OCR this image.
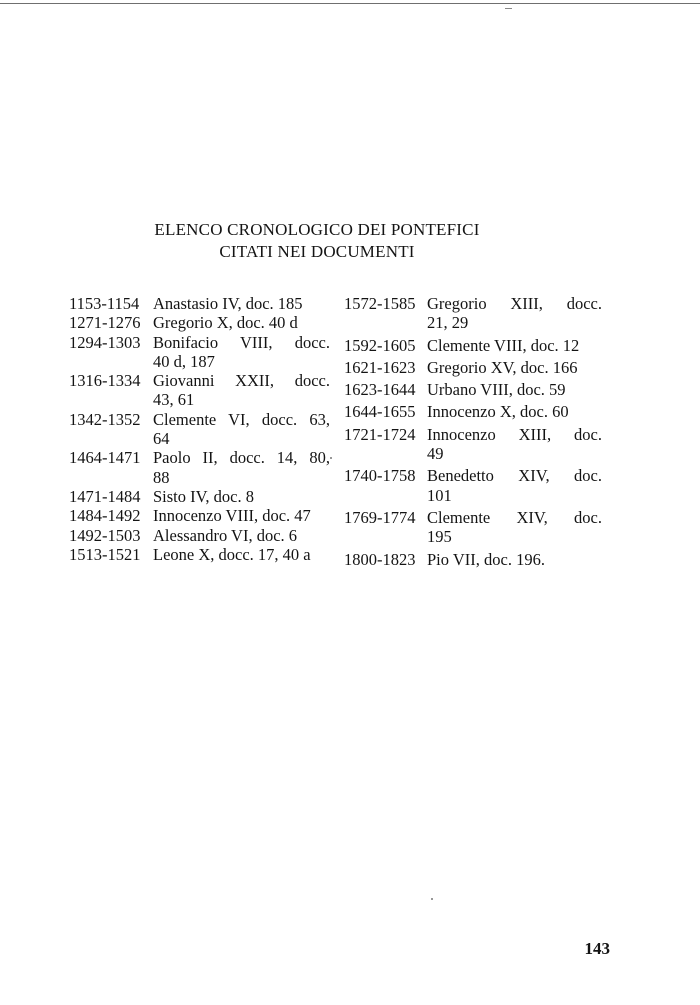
ELENCO CRONOLOGICO DEI PONTEFICI
CITATI NEI DOCUMENTI
1153-1154 Anastasio IV, doc. 185
1271-1276 Gregorio X, doc. 40 d
1294-1303 Bonifacio VIII, docc.
40 d, 187
1316-1334 Giovanni XXII, docc.
43, 61
1342-1352 Clemente VI, docc. 63,
64
1464-1471 Paolo II, docc. 14, 80,
88
1471-1484 Sisto IV, doc. 8
1484-1492 Innocenzo VIII, doc. 47
1492-1503 Alessandro VI, doc. 6
1513-1521 Leone X, docc. 17, 40 a
1572-1585 Gregorio XIII, docc.
21, 29
1592-1605 Clemente VIII, doc. 12
1621-1623 Gregorio XV, doc. 166
1623-1644 Urbano VIII, doc. 59
1644-1655 Innocenzo X, doc. 60
1721-1724 Innocenzo XIII, doc.
49
1740-1758 Benedetto XIV, doc.
101
1769-1774 Clemente XIV, doc.
195
1800-1823 Pio VII, doc. 196.
143
